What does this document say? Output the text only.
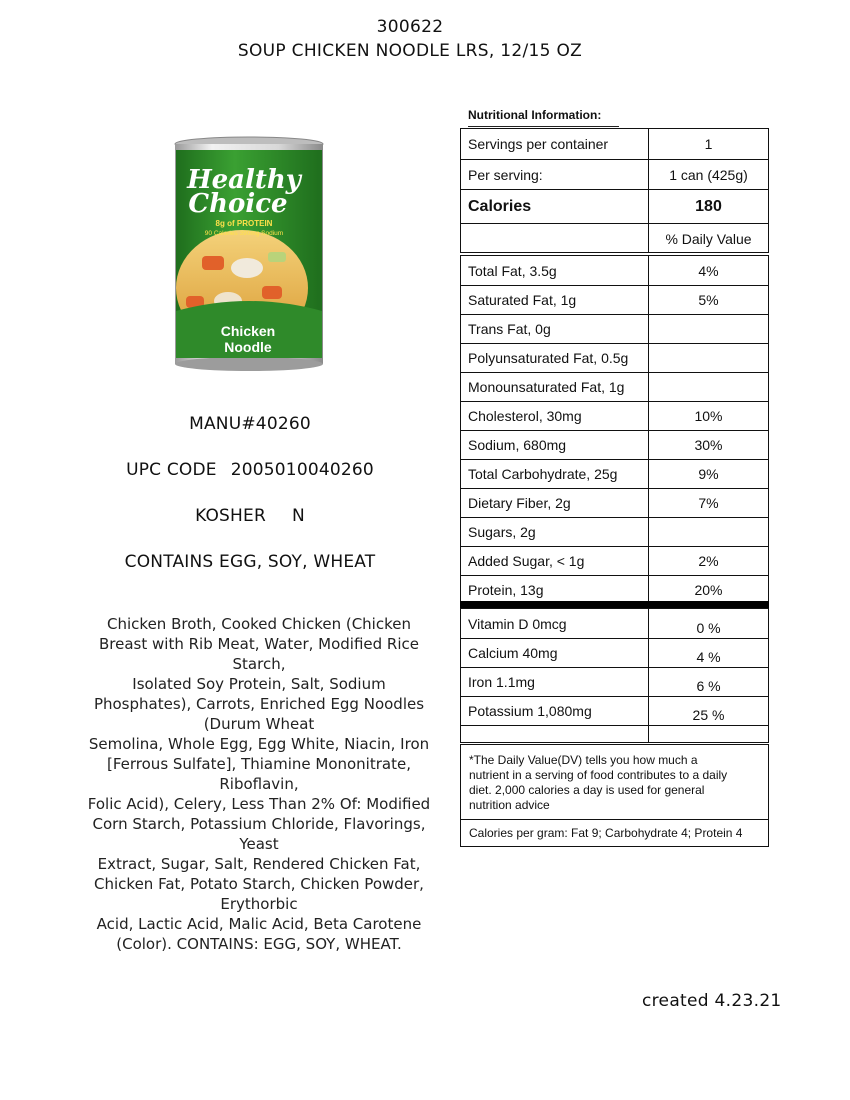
300622
SOUP CHICKEN NOODLE LRS, 12/15 OZ
Healthy
Choice
8g of PROTEIN
90 Calories 390mg Sodium
Chicken
Noodle
MANU#40260
UPC CODE 2005010040260
KOSHER N
CONTAINS EGG, SOY, WHEAT
Chicken Broth, Cooked Chicken (Chicken
Breast with Rib Meat, Water, Modified Rice
Starch,
Isolated Soy Protein, Salt, Sodium
Phosphates), Carrots, Enriched Egg Noodles
(Durum Wheat
Semolina, Whole Egg, Egg White, Niacin, Iron
[Ferrous Sulfate], Thiamine Mononitrate,
Riboflavin,
Folic Acid), Celery, Less Than 2% Of: Modified
Corn Starch, Potassium Chloride, Flavorings,
Yeast
Extract, Sugar, Salt, Rendered Chicken Fat,
Chicken Fat, Potato Starch, Chicken Powder,
Erythorbic
Acid, Lactic Acid, Malic Acid, Beta Carotene
(Color). CONTAINS: EGG, SOY, WHEAT.
Nutritional Information:
Servings per container	1
Per serving:	1 can (425g)
Calories	180
% Daily Value
Total Fat, 3.5g	4%
Saturated Fat, 1g	5%
Trans Fat, 0g
Polyunsaturated Fat, 0.5g
Monounsaturated Fat, 1g
Cholesterol, 30mg	10%
Sodium, 680mg	30%
Total Carbohydrate, 25g	9%
Dietary Fiber, 2g	7%
Sugars, 2g
Added Sugar, < 1g	2%
Protein, 13g	20%
Vitamin D 0mcg	0 %
Calcium 40mg	4 %
Iron 1.1mg	6 %
Potassium 1,080mg	25 %
*The Daily Value(DV) tells you how much a nutrient in a serving of food contributes to a daily diet. 2,000 calories a day is used for general nutrition advice
Calories per gram: Fat 9; Carbohydrate 4; Protein 4
created 4.23.21
